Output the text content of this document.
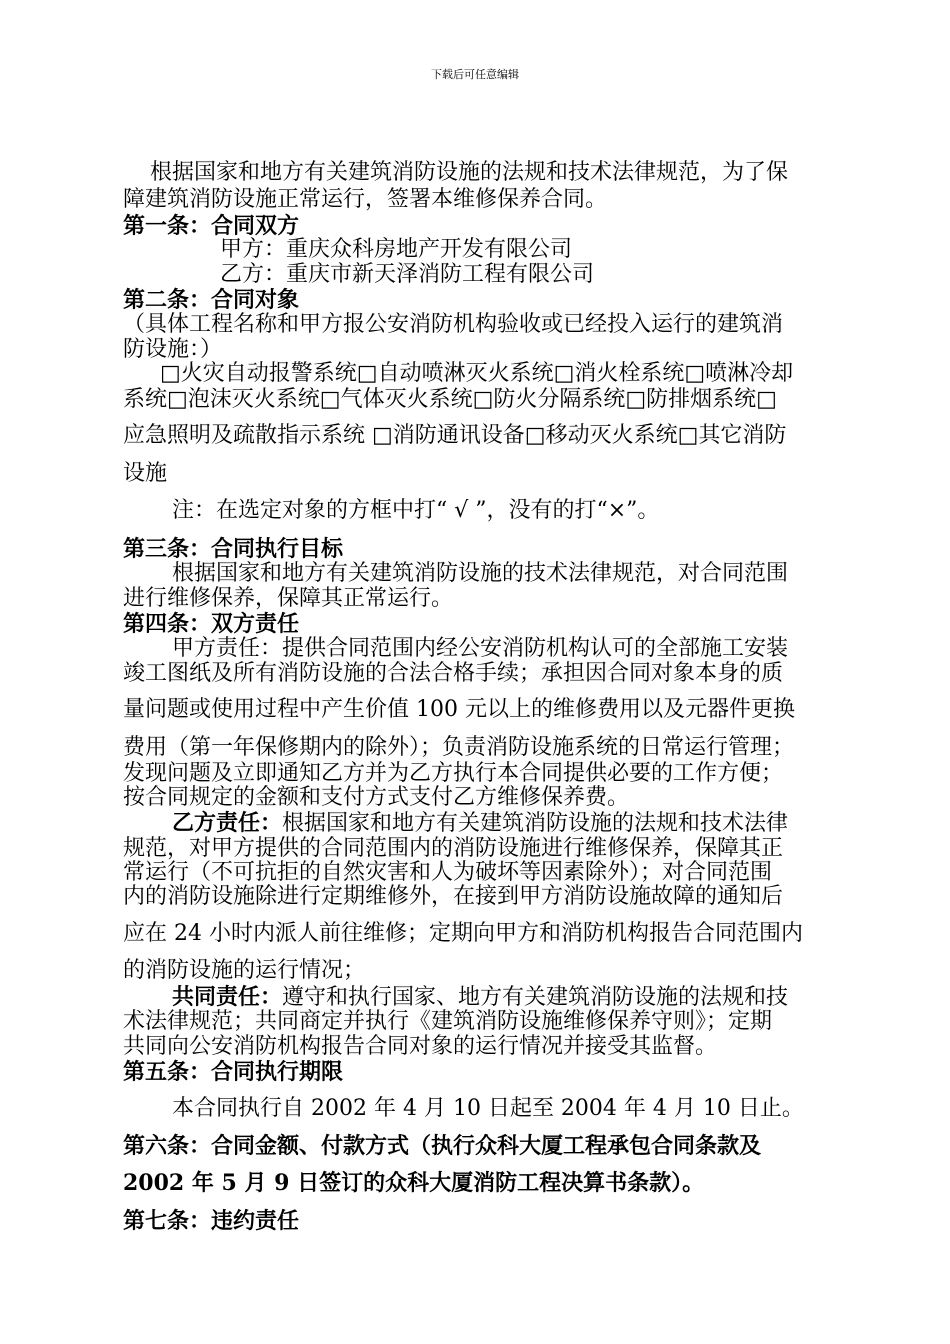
下载后可任意编辑
根据国家和地方有关建筑消防设施的法规和技术法律规范，为了保
障建筑消防设施正常运行，签署本维修保养合同。
第一条：合同双方
甲方：重庆众科房地产开发有限公司
乙方：重庆市新天泽消防工程有限公司
第二条：合同对象
（具体工程名称和甲方报公安消防机构验收或已经投入运行的建筑消
防设施：）
□火灾自动报警系统□自动喷淋灭火系统□消火栓系统□喷淋冷却
系统□泡沫灭火系统□气体灭火系统□防火分隔系统□防排烟系统□
应急照明及疏散指示系统 □消防通讯设备□移动灭火系统□其它消防
设施
注：在选定对象的方框中打“ √ ”，没有的打“×”。
第三条：合同执行目标
根据国家和地方有关建筑消防设施的技术法律规范，对合同范围
进行维修保养，保障其正常运行。
第四条：双方责任
甲方责任：提供合同范围内经公安消防机构认可的全部施工安装
竣工图纸及所有消防设施的合法合格手续；承担因合同对象本身的质
量问题或使用过程中产生价值 100 元以上的维修费用以及元器件更换
费用（第一年保修期内的除外）；负责消防设施系统的日常运行管理；
发现问题及立即通知乙方并为乙方执行本合同提供必要的工作方便；
按合同规定的金额和支付方式支付乙方维修保养费。
乙方责任：根据国家和地方有关建筑消防设施的法规和技术法律
规范，对甲方提供的合同范围内的消防设施进行维修保养，保障其正
常运行（不可抗拒的自然灾害和人为破坏等因素除外）；对合同范围
内的消防设施除进行定期维修外，在接到甲方消防设施故障的通知后
应在 24 小时内派人前往维修；定期向甲方和消防机构报告合同范围内
的消防设施的运行情况；
共同责任：遵守和执行国家、地方有关建筑消防设施的法规和技
术法律规范；共同商定并执行《建筑消防设施维修保养守则》；定期
共同向公安消防机构报告合同对象的运行情况并接受其监督。
第五条：合同执行期限
本合同执行自 2002 年 4 月 10 日起至 2004 年 4 月 10 日止。
第六条：合同金额、付款方式（执行众科大厦工程承包合同条款及
2002 年 5 月 9 日签订的众科大厦消防工程决算书条款）。
第七条：违约责任
